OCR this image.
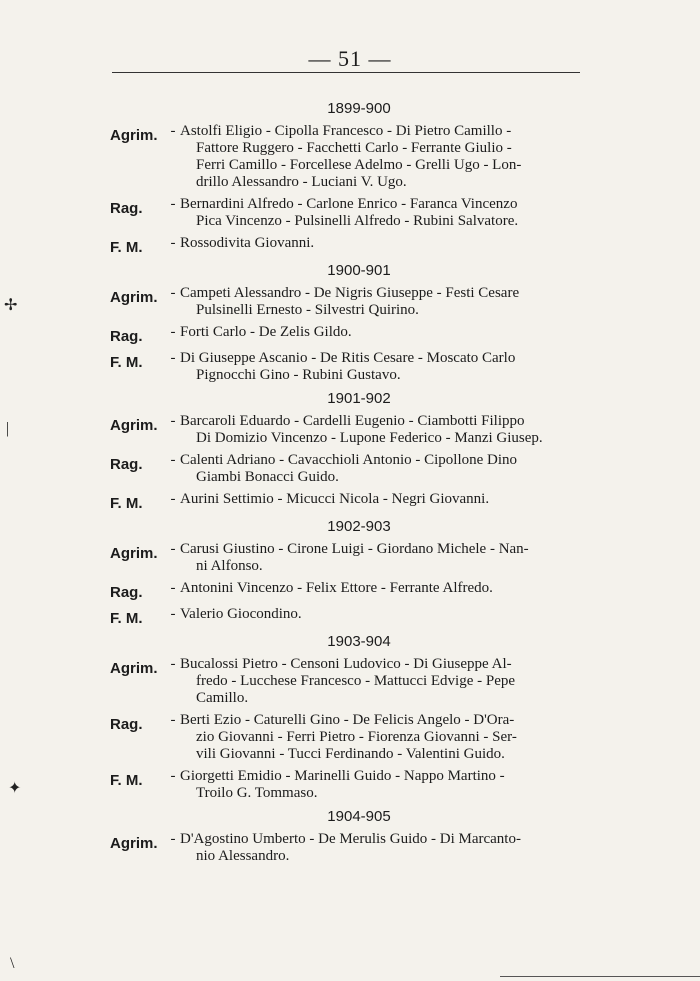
— 51 —
1899-900
Agrim. - Astolfi Eligio - Cipolla Francesco - Di Pietro Camillo -
Fattore Ruggero - Facchetti Carlo - Ferrante Giulio -
Ferri Camillo - Forcellese Adelmo - Grelli Ugo - Lon-
drillo Alessandro - Luciani V. Ugo.
Rag.	- Bernardini Alfredo - Carlone Enrico - Faranca Vincenzo
Pica Vincenzo - Pulsinelli Alfredo - Rubini Salvatore.
F. M.	- Rossodivita Giovanni.
1900-901
Agrim. - Campeti Alessandro - De Nigris Giuseppe - Festi Cesare
Pulsinelli Ernesto - Silvestri Quirino.
Rag.	- Forti Carlo - De Zelis Gildo.
F. M.	- Di Giuseppe Ascanio - De Ritis Cesare - Moscato Carlo
Pignocchi Gino - Rubini Gustavo.
1901-902
Agrim. - Barcaroli Eduardo - Cardelli Eugenio - Ciambotti Filippo
Di Domizio Vincenzo - Lupone Federico - Manzi Giusep.
Rag.	- Calenti Adriano - Cavacchioli Antonio - Cipollone Dino
Giambi Bonacci Guido.
F. M.	- Aurini Settimio - Micucci Nicola - Negri Giovanni.
1902-903
Agrim. - Carusi Giustino - Cirone Luigi - Giordano Michele - Nan-
ni Alfonso.
Rag.	- Antonini Vincenzo - Felix Ettore - Ferrante Alfredo.
F. M.	- Valerio Giocondino.
1903-904
Agrim. - Bucalossi Pietro - Censoni Ludovico - Di Giuseppe Al-
fredo - Lucchese Francesco - Mattucci Edvige - Pepe
Camillo.
Rag.	- Berti Ezio - Caturelli Gino - De Felicis Angelo - D'Ora-
zio Giovanni - Ferri Pietro - Fiorenza Giovanni - Ser-
vili Giovanni - Tucci Ferdinando - Valentini Guido.
F. M.	- Giorgetti Emidio - Marinelli Guido - Nappo Martino -
Troilo G. Tommaso.
1904-905
Agrim. - D'Agostino Umberto - De Merulis Guido - Di Marcanto-
nio Alessandro.
✢
|
✦
\
